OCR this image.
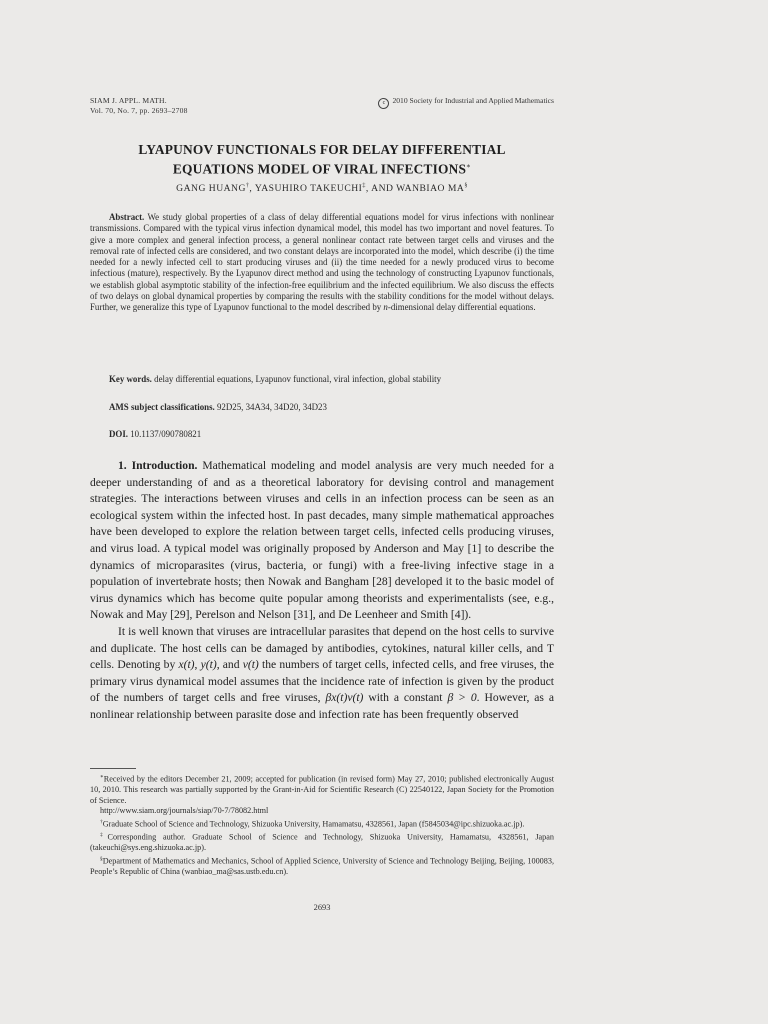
SIAM J. APPL. MATH.
Vol. 70, No. 7, pp. 2693–2708
c 2010 Society for Industrial and Applied Mathematics
LYAPUNOV FUNCTIONALS FOR DELAY DIFFERENTIAL
EQUATIONS MODEL OF VIRAL INFECTIONS∗
GANG HUANG†, YASUHIRO TAKEUCHI‡, AND WANBIAO MA§
Abstract. We study global properties of a class of delay differential equations model for virus infections with nonlinear transmissions. Compared with the typical virus infection dynamical model, this model has two important and novel features. To give a more complex and general infection process, a general nonlinear contact rate between target cells and viruses and the removal rate of infected cells are considered, and two constant delays are incorporated into the model, which describe (i) the time needed for a newly infected cell to start producing viruses and (ii) the time needed for a newly produced virus to become infectious (mature), respectively. By the Lyapunov direct method and using the technology of constructing Lyapunov functionals, we establish global asymptotic stability of the infection-free equilibrium and the infected equilibrium. We also discuss the effects of two delays on global dynamical properties by comparing the results with the stability conditions for the model without delays. Further, we generalize this type of Lyapunov functional to the model described by n-dimensional delay differential equations.
Key words. delay differential equations, Lyapunov functional, viral infection, global stability
AMS subject classifications. 92D25, 34A34, 34D20, 34D23
DOI. 10.1137/090780821

1. Introduction. Mathematical modeling and model analysis are very much needed for a deeper understanding of and as a theoretical laboratory for devising control and management strategies. The interactions between viruses and cells in an infection process can be seen as an ecological system within the infected host. In past decades, many simple mathematical approaches have been developed to explore the relation between target cells, infected cells producing viruses, and virus load. A typical model was originally proposed by Anderson and May [1] to describe the dynamics of microparasites (virus, bacteria, or fungi) with a free-living infective stage in a population of invertebrate hosts; then Nowak and Bangham [28] developed it to the basic model of virus dynamics which has become quite popular among theorists and experimentalists (see, e.g., Nowak and May [29], Perelson and Nelson [31], and De Leenheer and Smith [4]).

It is well known that viruses are intracellular parasites that depend on the host cells to survive and duplicate. The host cells can be damaged by antibodies, cytokines, natural killer cells, and T cells. Denoting by x(t), y(t), and v(t) the numbers of target cells, infected cells, and free viruses, the primary virus dynamical model assumes that the incidence rate of infection is given by the product of the numbers of target cells and free viruses, βx(t)v(t) with a constant β > 0. However, as a nonlinear relationship between parasite dose and infection rate has been frequently observed

∗Received by the editors December 21, 2009; accepted for publication (in revised form) May 27, 2010; published electronically August 10, 2010. This research was partially supported by the Grant-in-Aid for Scientific Research (C) 22540122, Japan Society for the Promotion of Science.

http://www.siam.org/journals/siap/70-7/78082.html

†Graduate School of Science and Technology, Shizuoka University, Hamamatsu, 4328561, Japan (f5845034@ipc.shizuoka.ac.jp).

‡Corresponding author. Graduate School of Science and Technology, Shizuoka University, Hamamatsu, 4328561, Japan (takeuchi@sys.eng.shizuoka.ac.jp).

§Department of Mathematics and Mechanics, School of Applied Science, University of Science and Technology Beijing, Beijing, 100083, People’s Republic of China (wanbiao_ma@sas.ustb.edu.cn).

2693
